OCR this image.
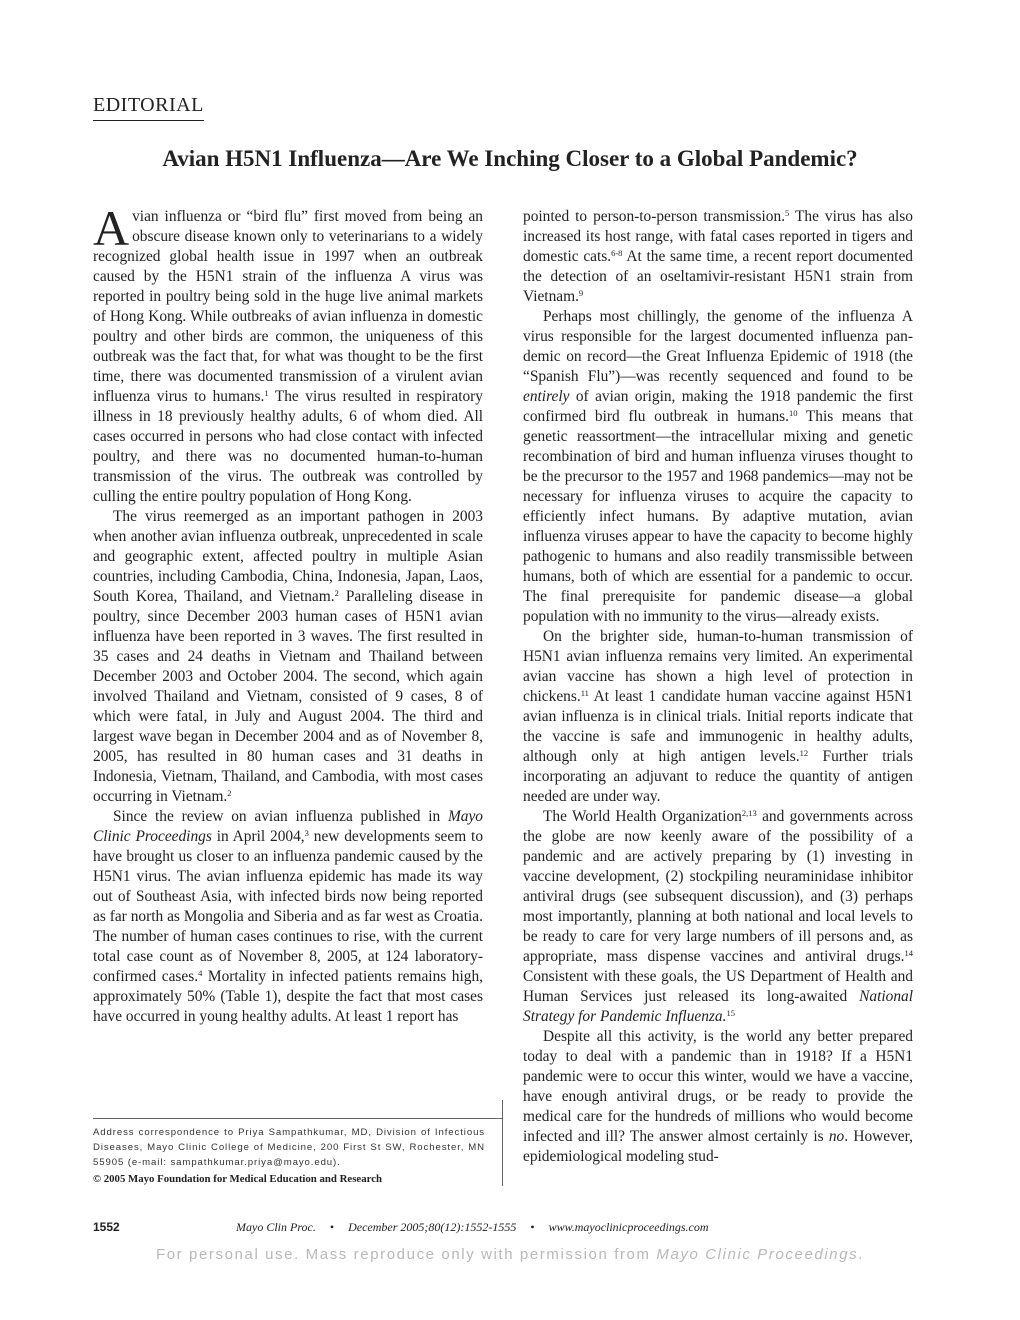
EDITORIAL
Avian H5N1 Influenza—Are We Inching Closer to a Global Pandemic?

Avian influenza or “bird flu” first moved from being an obscure disease known only to veterinarians to a widely recognized global health issue in 1997 when an outbreak caused by the H5N1 strain of the influenza A virus was reported in poultry being sold in the huge live animal markets of Hong Kong. While outbreaks of avian influenza in domestic poultry and other birds are common, the uniqueness of this outbreak was the fact that, for what was thought to be the first time, there was documented transmission of a virulent avian influenza virus to humans.$^1$ The virus resulted in respiratory illness in 18 previously healthy adults, 6 of whom died. All cases occurred in persons who had close contact with infected poultry, and there was no documented human-to-human transmission of the virus. The outbreak was controlled by culling the entire poultry population of Hong Kong.

The virus reemerged as an important pathogen in 2003 when another avian influenza outbreak, unprecedented in scale and geographic extent, affected poultry in multiple Asian countries, including Cambodia, China, Indonesia, Japan, Laos, South Korea, Thailand, and Vietnam.$^2$ Paralleling disease in poultry, since December 2003 human cases of H5N1 avian influenza have been reported in 3 waves. The first resulted in 35 cases and 24 deaths in Vietnam and Thailand between December 2003 and October 2004. The second, which again involved Thailand and Vietnam, consisted of 9 cases, 8 of which were fatal, in July and August 2004. The third and largest wave began in December 2004 and as of November 8, 2005, has resulted in 80 human cases and 31 deaths in Indonesia, Vietnam, Thailand, and Cambodia, with most cases occurring in Vietnam.$^2$

Since the review on avian influenza published in Mayo Clinic Proceedings in April 2004,$^3$ new developments seem to have brought us closer to an influenza pandemic caused by the H5N1 virus. The avian influenza epidemic has made its way out of Southeast Asia, with infected birds now being reported as far north as Mongolia and Siberia and as far west as Croatia. The number of human cases continues to rise, with the current total case count as of November 8, 2005, at 124 laboratory-confirmed cases.$^4$ Mortality in infected patients remains high, approximately 50% (Table 1), despite the fact that most cases have occurred in young healthy adults. At least 1 report has

pointed to person-to-person transmission.$^5$ The virus has also increased its host range, with fatal cases reported in tigers and domestic cats.$^{6-8}$ At the same time, a recent report documented the detection of an oseltamivir-resistant H5N1 strain from Vietnam.$^9$

Perhaps most chillingly, the genome of the influenza A virus responsible for the largest documented influenza pandemic on record—the Great Influenza Epidemic of 1918 (the “Spanish Flu”)—was recently sequenced and found to be entirely of avian origin, making the 1918 pandemic the first confirmed bird flu outbreak in humans.$^{10}$ This means that genetic reassortment—the intracellular mixing and genetic recombination of bird and human influenza viruses thought to be the precursor to the 1957 and 1968 pandemics—may not be necessary for influenza viruses to acquire the capacity to efficiently infect humans. By adaptive mutation, avian influenza viruses appear to have the capacity to become highly pathogenic to humans and also readily transmissible between humans, both of which are essential for a pandemic to occur. The final prerequisite for pandemic disease—a global population with no immunity to the virus—already exists.

On the brighter side, human-to-human transmission of H5N1 avian influenza remains very limited. An experimental avian vaccine has shown a high level of protection in chickens.$^{11}$ At least 1 candidate human vaccine against H5N1 avian influenza is in clinical trials. Initial reports indicate that the vaccine is safe and immunogenic in healthy adults, although only at high antigen levels.$^{12}$ Further trials incorporating an adjuvant to reduce the quantity of antigen needed are under way.

The World Health Organization$^{2,13}$ and governments across the globe are now keenly aware of the possibility of a pandemic and are actively preparing by (1) investing in vaccine development, (2) stockpiling neuraminidase inhibitor antiviral drugs (see subsequent discussion), and (3) perhaps most importantly, planning at both national and local levels to be ready to care for very large numbers of ill persons and, as appropriate, mass dispense vaccines and antiviral drugs.$^{14}$ Consistent with these goals, the US Department of Health and Human Services just released its long-awaited National Strategy for Pandemic Influenza.$^{15}$

Despite all this activity, is the world any better prepared today to deal with a pandemic than in 1918? If a H5N1 pandemic were to occur this winter, would we have a vaccine, have enough antiviral drugs, or be ready to provide the medical care for the hundreds of millions who would become infected and ill? The answer almost certainly is no. However, epidemiological modeling stud-

Address correspondence to Priya Sampathkumar, MD, Division of Infectious Diseases, Mayo Clinic College of Medicine, 200 First St SW, Rochester, MN 55905 (e-mail: sampathkumar.priya@mayo.edu).
© 2005 Mayo Foundation for Medical Education and Research
1552	Mayo Clin Proc. • December 2005;80(12):1552-1555 • www.mayoclinicproceedings.com
For personal use. Mass reproduce only with permission from Mayo Clinic Proceedings.
